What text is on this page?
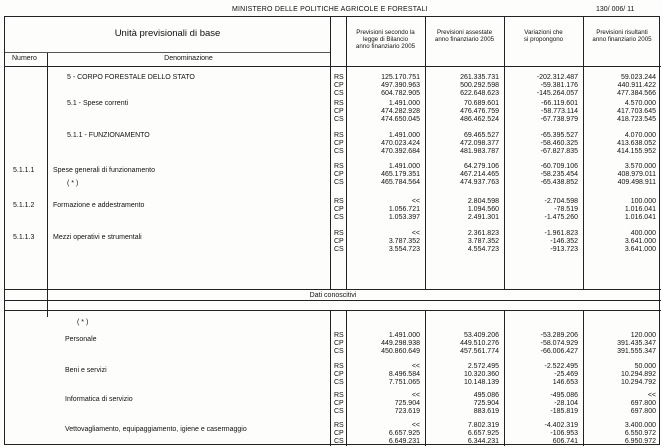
MINISTERO DELLE POLITICHE AGRICOLE E FORESTALI	130/ 006/ 11
Unità previsionali di base
Numero	Denominazione
Previsioni secondo la
legge di Bilancio
anno finanziario 2005
Previsioni assestate
anno finanziario 2005
Variazioni che
si propongono
Previsioni risultanti
anno finanziario 2005
5 - CORPO FORESTALE DELLO STATO	RS	125.170.751	261.335.731	-202.312.487	59.023.244
CP	497.390.963	500.292.598	-59.381.176	440.911.422
CS	604.782.905	622.648.623	-145.264.057	477.384.566
5.1 - Spese correnti	RS	1.491.000	70.689.601	-66.119.601	4.570.000
CP	474.282.928	476.476.759	-58.773.114	417.703.645
CS	474.650.045	486.462.524	-67.738.979	418.723.545
5.1.1 - FUNZIONAMENTO	RS	1.491.000	69.465.527	-65.395.527	4.070.000
CP	470.023.424	472.098.377	-58.460.325	413.638.052
CS	470.392.684	481.983.787	-67.827.835	414.155.952
5.1.1.1	Spese generali di funzionamento
( * )
RS	1.491.000	64.279.106	-60.709.106	3.570.000
CP	465.179.351	467.214.465	-58.235.454	408.979.011
CS	465.784.564	474.937.763	-65.438.852	409.498.911
5.1.1.2	Formazione e addestramento
RS	<<	2.804.598	-2.704.598	100.000
CP	1.056.721	1.094.560	-78.519	1.016.041
CS	1.053.397	2.491.301	-1.475.260	1.016.041
5.1.1.3	Mezzi operativi e strumentali
RS	<<	2.361.823	-1.961.823	400.000
CP	3.787.352	3.787.352	-146.352	3.641.000
CS	3.554.723	4.554.723	-913.723	3.641.000
Dati conoscitivi
( * )
Personale
RS	1.491.000	53.409.206	-53.289.206	120.000
CP	449.298.938	449.510.276	-58.074.929	391.435.347
CS	450.860.649	457.561.774	-66.006.427	391.555.347
Beni e servizi
RS	<<	2.572.495	-2.522.495	50.000
CP	8.496.584	10.320.360	-25.469	10.294.892
CS	7.751.065	10.148.139	146.653	10.294.792
Informatica di servizio
RS	<<	495.086	-495.086	<<
CP	725.904	725.904	-28.104	697.800
CS	723.619	883.619	-185.819	697.800
Vettovagliamento, equipaggiamento, igiene e casermaggio
RS	<<	7.802.319	-4.402.319	3.400.000
CP	6.657.925	6.657.925	-106.953	6.550.972
CS	6.649.231	6.344.231	606.741	6.950.972
